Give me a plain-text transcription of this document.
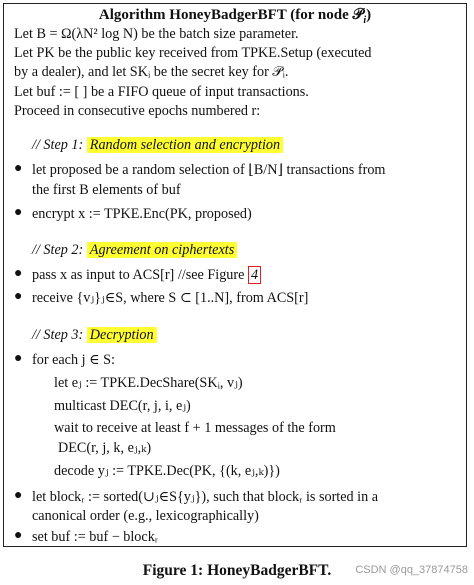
Algorithm HoneyBadgerBFT (for node 𝒫$_i$)
Let B = Ω(λN² log N) be the batch size parameter.
Let PK be the public key received from TPKE.Setup (executed
by a dealer), and let SKᵢ be the secret key for 𝒫ᵢ.
Let buf := [ ] be a FIFO queue of input transactions.
Proceed in consecutive epochs numbered r:
// Step 1: Random selection and encryption
● let proposed be a random selection of ⌊B/N⌋ transactions from
the first B elements of buf
● encrypt x := TPKE.Enc(PK, proposed)
// Step 2: Agreement on ciphertexts
● pass x as input to ACS[r] //see Figure 4
● receive {vⱼ}ⱼ∈S, where S ⊂ [1..N], from ACS[r]
// Step 3: Decryption
● for each j ∈ S:
let eⱼ := TPKE.DecShare(SKᵢ, vⱼ)
multicast DEC(r, j, i, eⱼ)
wait to receive at least f + 1 messages of the form
DEC(r, j, k, eⱼ,ₖ)
decode yⱼ := TPKE.Dec(PK, {(k, eⱼ,ₖ)})
● let blockᵣ := sorted(∪ⱼ∈S{yⱼ}), such that blockᵣ is sorted in a
canonical order (e.g., lexicographically)
● set buf := buf − blockᵣ
Figure 1: HoneyBadgerBFT.	CSDN @qq_37874758
